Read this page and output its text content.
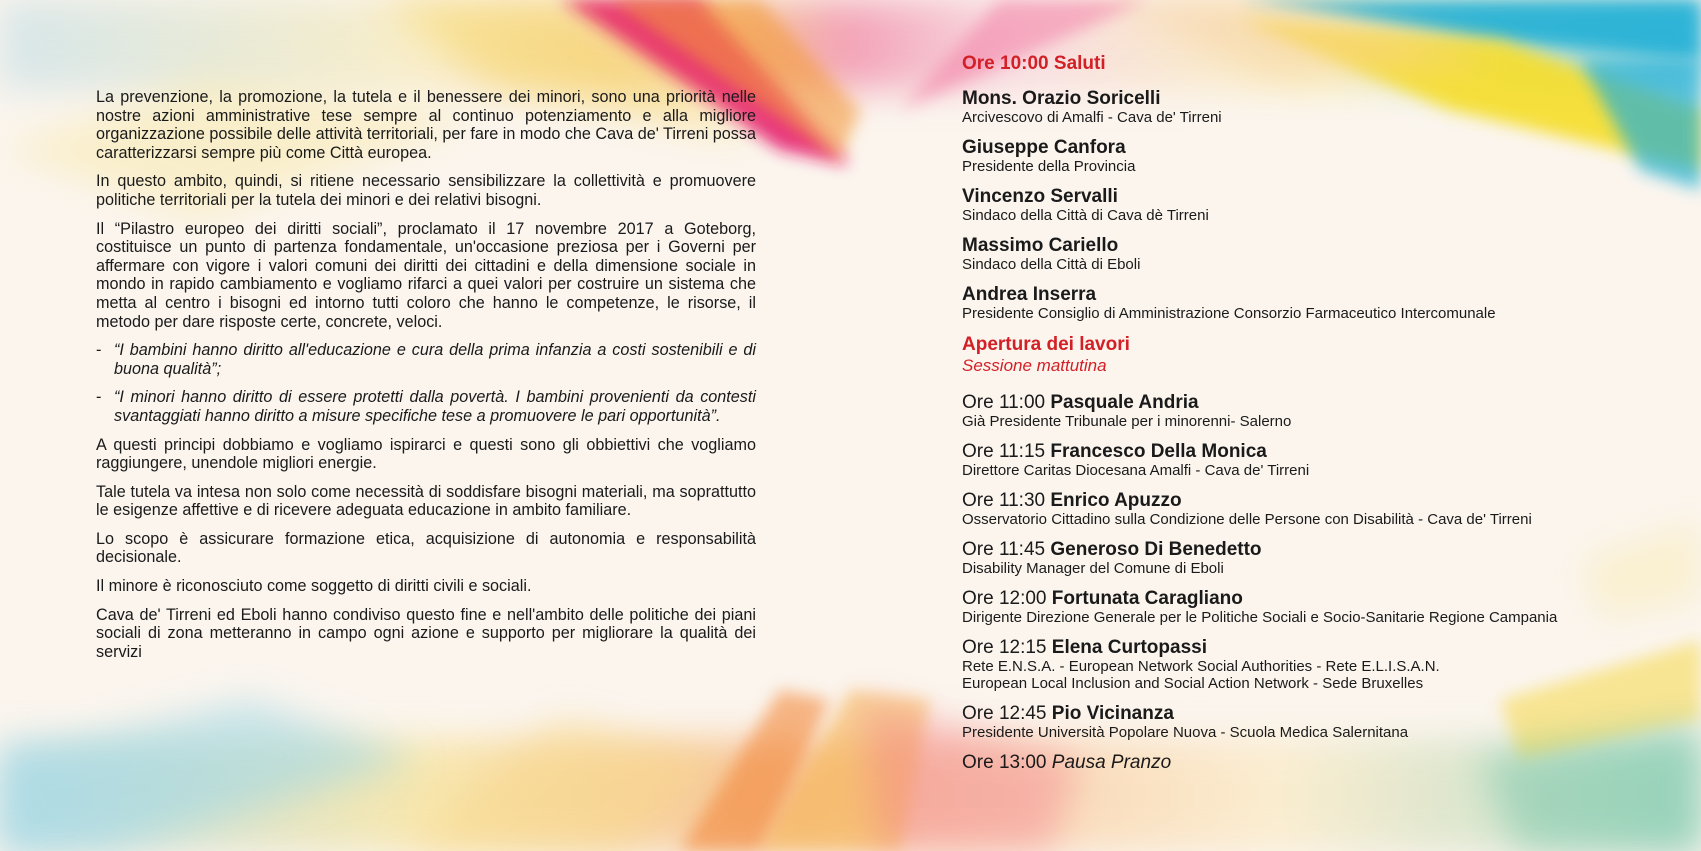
La prevenzione, la promozione, la tutela e il benessere dei minori, sono una priorità nelle nostre azioni amministrative tese sempre al continuo potenziamento e alla migliore organizzazione possibile delle attività territoriali, per fare in modo che Cava de' Tirreni possa caratterizzarsi sempre più come Città europea.

In questo ambito, quindi, si ritiene necessario sensibilizzare la collettività e promuovere politiche territoriali per la tutela dei minori e dei relativi bisogni.

Il “Pilastro europeo dei diritti sociali”, proclamato il 17 novembre 2017 a Goteborg, costituisce un punto di partenza fondamentale, un'occasione preziosa per i Governi per affermare con vigore i valori comuni dei diritti dei cittadini e della dimensione sociale in mondo in rapido cambiamento e vogliamo rifarci a quei valori per costruire un sistema che metta al centro i bisogni ed intorno tutti coloro che hanno le competenze, le risorse, il metodo per dare risposte certe, concrete, veloci.

- “I bambini hanno diritto all'educazione e cura della prima infanzia a costi sostenibili e di buona qualità”;
- “I minori hanno diritto di essere protetti dalla povertà. I bambini provenienti da contesti svantaggiati hanno diritto a misure specifiche tese a promuovere le pari opportunità”.

A questi principi dobbiamo e vogliamo ispirarci e questi sono gli obbiettivi che vogliamo raggiungere, unendole migliori energie.

Tale tutela va intesa non solo come necessità di soddisfare bisogni materiali, ma soprattutto le esigenze affettive e di ricevere adeguata educazione in ambito familiare.

Lo scopo è assicurare formazione etica, acquisizione di autonomia e responsabilità decisionale.

Il minore è riconosciuto come soggetto di diritti civili e sociali.

Cava de' Tirreni ed Eboli hanno condiviso questo fine e nell'ambito delle politiche dei piani sociali di zona metteranno in campo ogni azione e supporto per migliorare la qualità dei servizi

Ore 10:00 Saluti
Mons. Orazio Soricelli
Arcivescovo di Amalfi - Cava de' Tirreni
Giuseppe Canfora
Presidente della Provincia
Vincenzo Servalli
Sindaco della Città di Cava dè Tirreni
Massimo Cariello
Sindaco della Città di Eboli
Andrea Inserra
Presidente Consiglio di Amministrazione Consorzio Farmaceutico Intercomunale
Apertura dei lavori
Sessione mattutina
Ore 11:00 Pasquale Andria
Già Presidente Tribunale per i minorenni- Salerno
Ore 11:15 Francesco Della Monica
Direttore Caritas Diocesana Amalfi - Cava de' Tirreni
Ore 11:30 Enrico Apuzzo
Osservatorio Cittadino sulla Condizione delle Persone con Disabilità - Cava de' Tirreni
Ore 11:45 Generoso Di Benedetto
Disability Manager del Comune di Eboli
Ore 12:00 Fortunata Caragliano
Dirigente Direzione Generale per le Politiche Sociali e Socio-Sanitarie Regione Campania
Ore 12:15 Elena Curtopassi
Rete E.N.S.A. - European Network Social Authorities - Rete E.L.I.S.A.N.
European Local Inclusion and Social Action Network - Sede Bruxelles
Ore 12:45 Pio Vicinanza
Presidente Università Popolare Nuova - Scuola Medica Salernitana
Ore 13:00 Pausa Pranzo
